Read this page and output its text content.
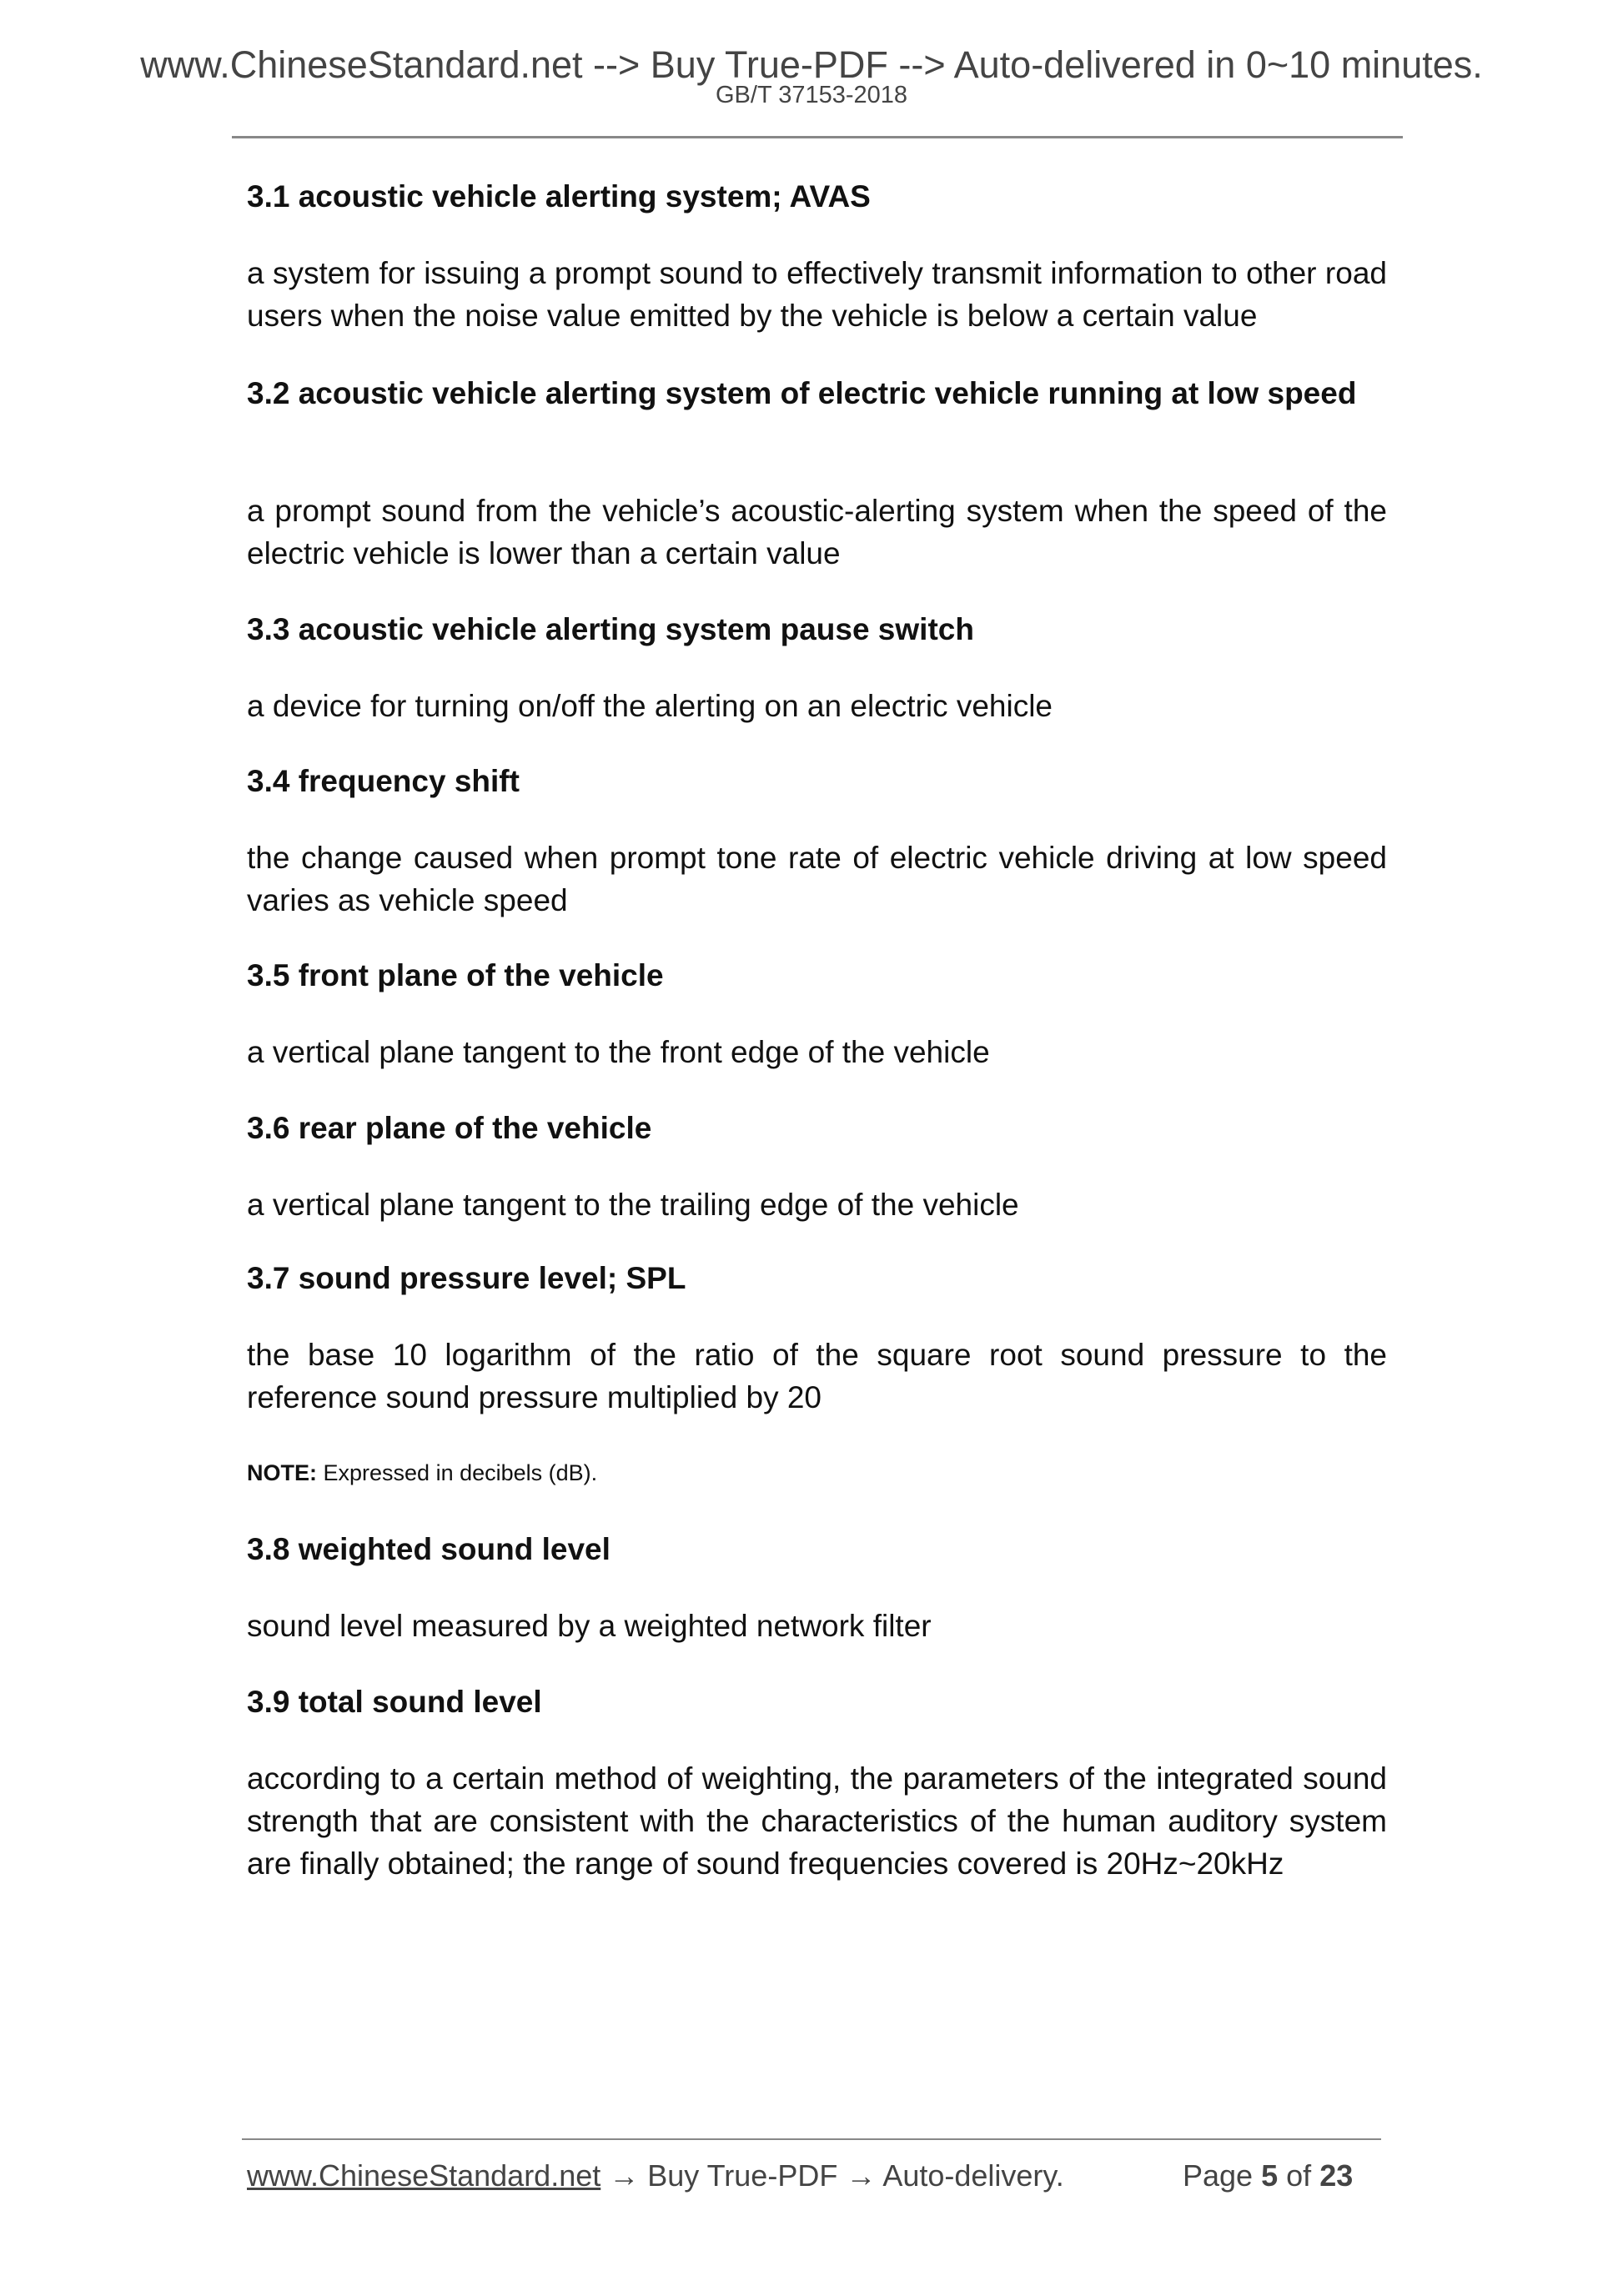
www.ChineseStandard.net --> Buy True-PDF --> Auto-delivered in 0~10 minutes.
GB/T 37153-2018
3.1 acoustic vehicle alerting system; AVAS
a system for issuing a prompt sound to effectively transmit information to other road users when the noise value emitted by the vehicle is below a certain value
3.2 acoustic vehicle alerting system of electric vehicle running at low speed
a prompt sound from the vehicle’s acoustic-alerting system when the speed of the electric vehicle is lower than a certain value
3.3 acoustic vehicle alerting system pause switch
a device for turning on/off the alerting on an electric vehicle
3.4 frequency shift
the change caused when prompt tone rate of electric vehicle driving at low speed varies as vehicle speed
3.5 front plane of the vehicle
a vertical plane tangent to the front edge of the vehicle
3.6 rear plane of the vehicle
a vertical plane tangent to the trailing edge of the vehicle
3.7 sound pressure level; SPL
the base 10 logarithm of the ratio of the square root sound pressure to the reference sound pressure multiplied by 20
NOTE: Expressed in decibels (dB).
3.8 weighted sound level
sound level measured by a weighted network filter
3.9 total sound level
according to a certain method of weighting, the parameters of the integrated sound strength that are consistent with the characteristics of the human auditory system are finally obtained; the range of sound frequencies covered is 20Hz~20kHz
www.ChineseStandard.net → Buy True-PDF → Auto-delivery.	Page 5 of 23
